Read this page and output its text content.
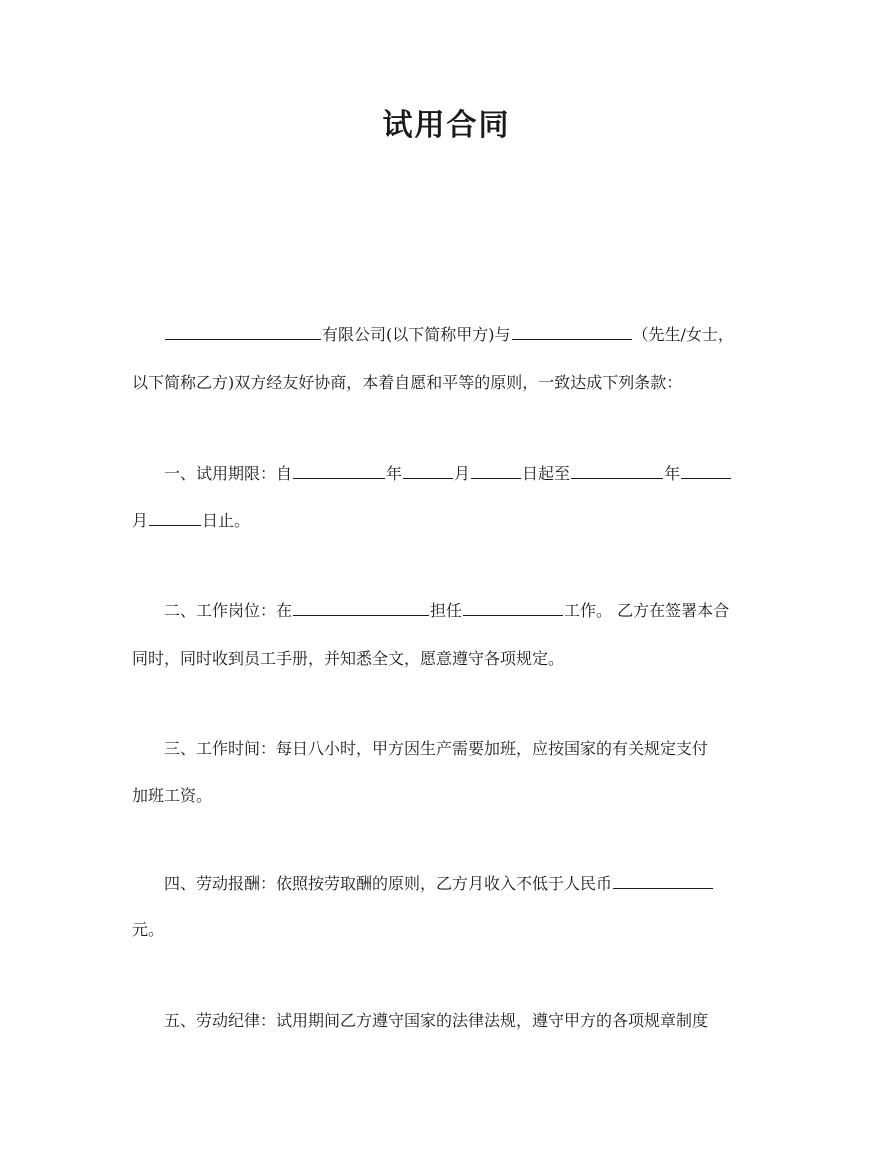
试用合同
有限公司(以下简称甲方)与	（先生/女士，
以下简称乙方)双方经友好协商，本着自愿和平等的原则，一致达成下列条款：
一、试用期限：自	年	月	日起至	年
月	日止。
二、工作岗位：在	担任	工作。 乙方在签署本合
同时，同时收到员工手册，并知悉全文，愿意遵守各项规定。
三、工作时间：每日八小时，甲方因生产需要加班，应按国家的有关规定支付
加班工资。
四、劳动报酬：依照按劳取酬的原则，乙方月收入不低于人民币
元。
五、劳动纪律：试用期间乙方遵守国家的法律法规，遵守甲方的各项规章制度
